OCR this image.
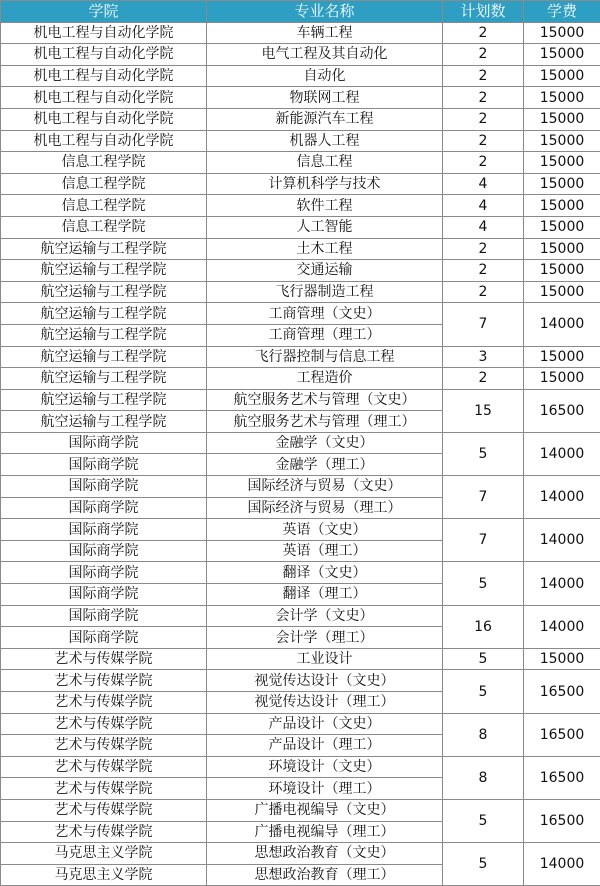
学院	专业名称	计划数	学费
机电工程与自动化学院	车辆工程	2	15000
机电工程与自动化学院	电气工程及其自动化	2	15000
机电工程与自动化学院	自动化	2	15000
机电工程与自动化学院	物联网工程	2	15000
机电工程与自动化学院	新能源汽车工程	2	15000
机电工程与自动化学院	机器人工程	2	15000
信息工程学院	信息工程	2	15000
信息工程学院	计算机科学与技术	4	15000
信息工程学院	软件工程	4	15000
信息工程学院	人工智能	4	15000
航空运输与工程学院	土木工程	2	15000
航空运输与工程学院	交通运输	2	15000
航空运输与工程学院	飞行器制造工程	2	15000
航空运输与工程学院	工商管理（文史）	7	14000
航空运输与工程学院	工商管理（理工）		
航空运输与工程学院	飞行器控制与信息工程	3	15000
航空运输与工程学院	工程造价	2	15000
航空运输与工程学院	航空服务艺术与管理（文史）	15	16500
航空运输与工程学院	航空服务艺术与管理（理工）		
国际商学院	金融学（文史）	5	14000
国际商学院	金融学（理工）		
国际商学院	国际经济与贸易（文史）	7	14000
国际商学院	国际经济与贸易（理工）		
国际商学院	英语（文史）	7	14000
国际商学院	英语（理工）		
国际商学院	翻译（文史）	5	14000
国际商学院	翻译（理工）		
国际商学院	会计学（文史）	16	14000
国际商学院	会计学（理工）		
艺术与传媒学院	工业设计	5	15000
艺术与传媒学院	视觉传达设计（文史）	5	16500
艺术与传媒学院	视觉传达设计（理工）		
艺术与传媒学院	产品设计（文史）	8	16500
艺术与传媒学院	产品设计（理工）		
艺术与传媒学院	环境设计（文史）	8	16500
艺术与传媒学院	环境设计（理工）		
艺术与传媒学院	广播电视编导（文史）	5	16500
艺术与传媒学院	广播电视编导（理工）		
马克思主义学院	思想政治教育（文史）	5	14000
马克思主义学院	思想政治教育（理工）		
